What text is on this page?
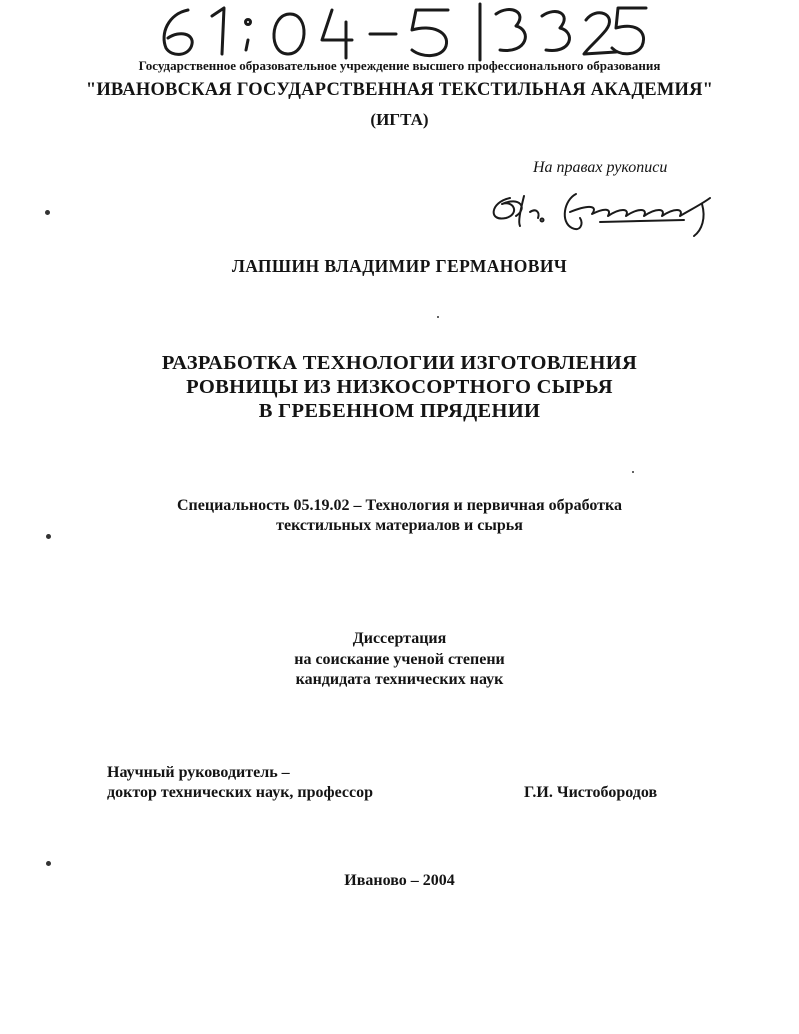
Государственное образовательное учреждение высшего профессионального образования
"ИВАНОВСКАЯ ГОСУДАРСТВЕННАЯ ТЕКСТИЛЬНАЯ АКАДЕМИЯ"
(ИГТА)
На правах рукописи
ЛАПШИН ВЛАДИМИР ГЕРМАНОВИЧ
РАЗРАБОТКА ТЕХНОЛОГИИ ИЗГОТОВЛЕНИЯ
РОВНИЦЫ ИЗ НИЗКОСОРТНОГО СЫРЬЯ
В ГРЕБЕННОМ ПРЯДЕНИИ
Специальность 05.19.02 – Технология и первичная обработка
текстильных материалов и сырья
Диссертация
на соискание ученой степени
кандидата технических наук
Научный руководитель –
доктор технических наук, профессор	Г.И. Чистобородов
Иваново – 2004
